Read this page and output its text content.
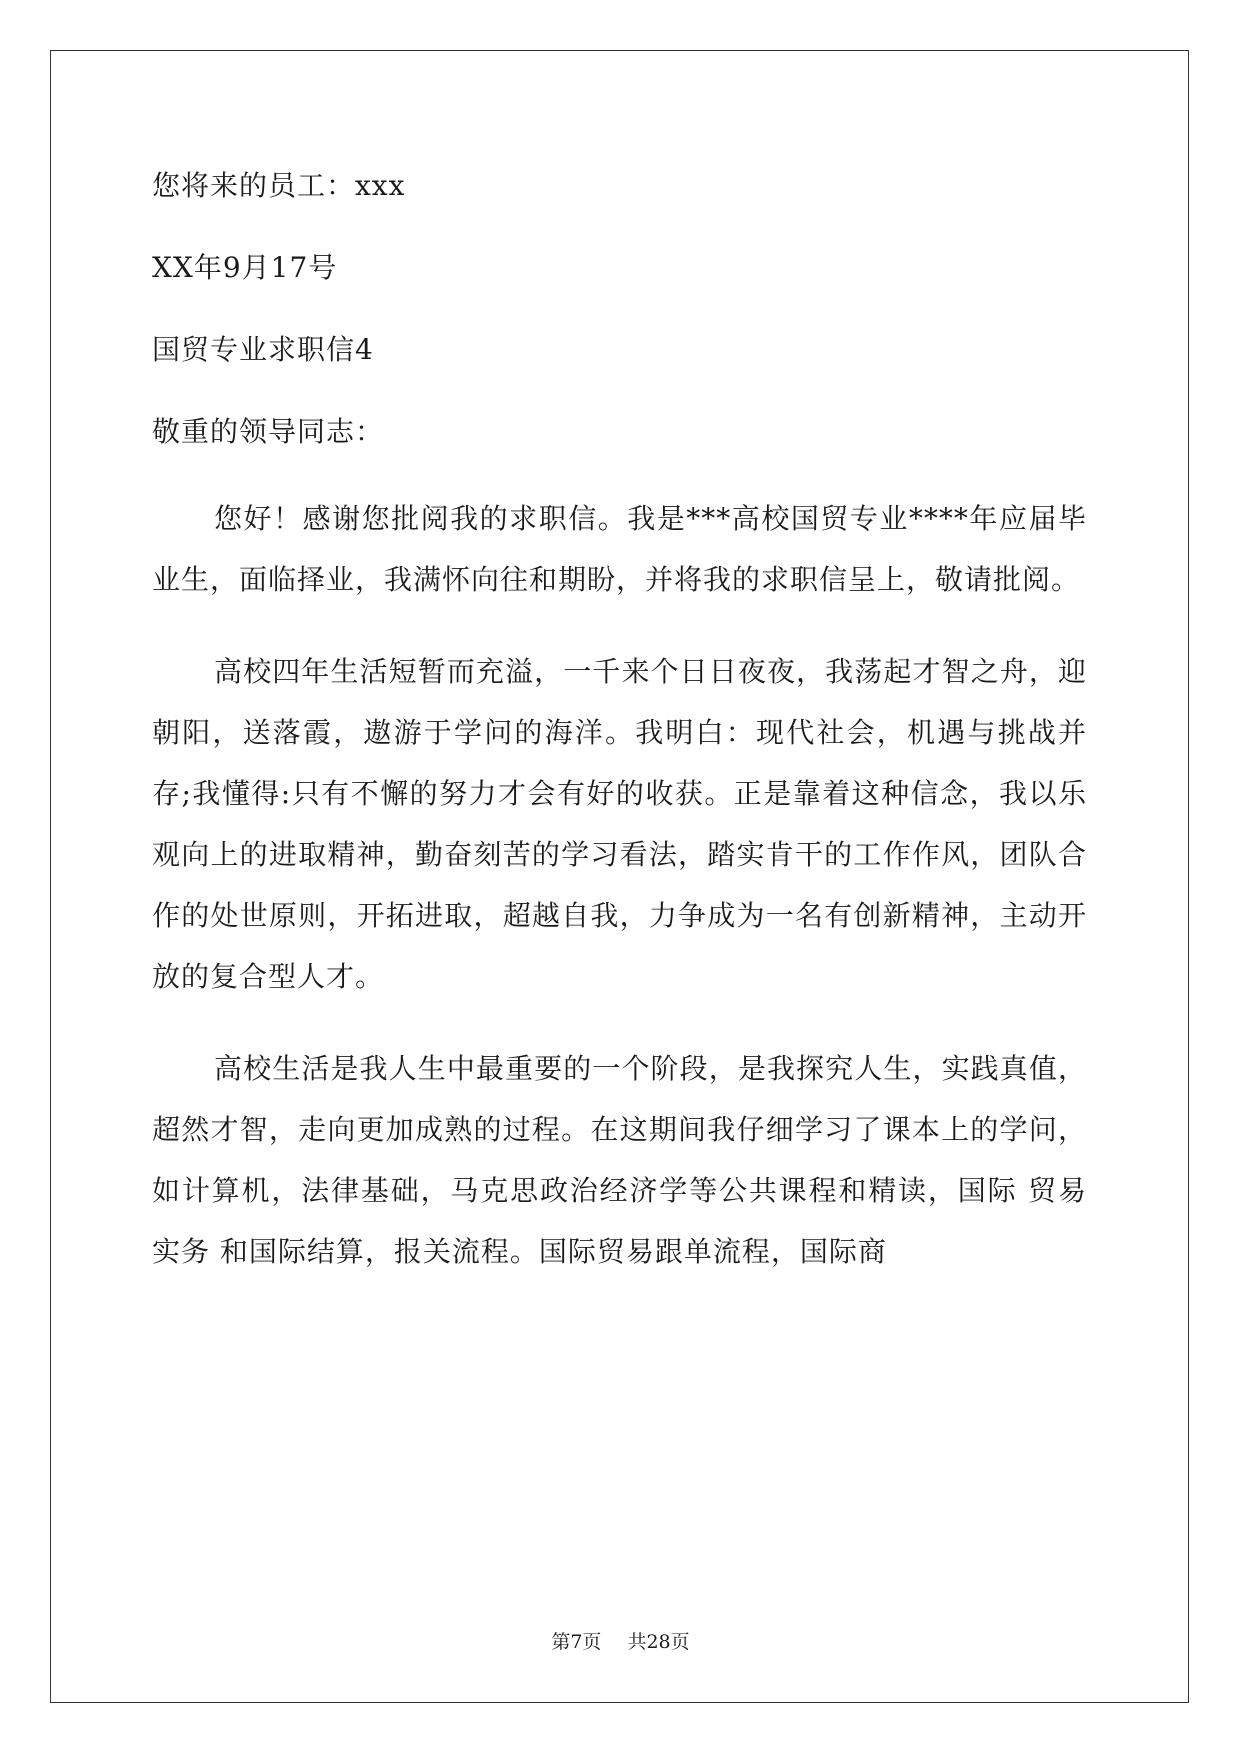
您将来的员工：xxx
XX年9月17号
国贸专业求职信4
敬重的领导同志：

您好！感谢您批阅我的求职信。我是***高校国贸专业****年应届毕业生，面临择业，我满怀向往和期盼，并将我的求职信呈上，敬请批阅。

高校四年生活短暂而充溢，一千来个日日夜夜，我荡起才智之舟，迎朝阳，送落霞，遨游于学问的海洋。我明白：现代社会，机遇与挑战并存;我懂得:只有不懈的努力才会有好的收获。正是靠着这种信念，我以乐观向上的进取精神，勤奋刻苦的学习看法，踏实肯干的工作作风，团队合作的处世原则，开拓进取，超越自我，力争成为一名有创新精神，主动开放的复合型人才。

高校生活是我人生中最重要的一个阶段，是我探究人生，实践真值，超然才智，走向更加成熟的过程。在这期间我仔细学习了课本上的学问，如计算机，法律基础，马克思政治经济学等公共课程和精读，国际 贸易实务 和国际结算，报关流程。国际贸易跟单流程，国际商

第7页 共28页
